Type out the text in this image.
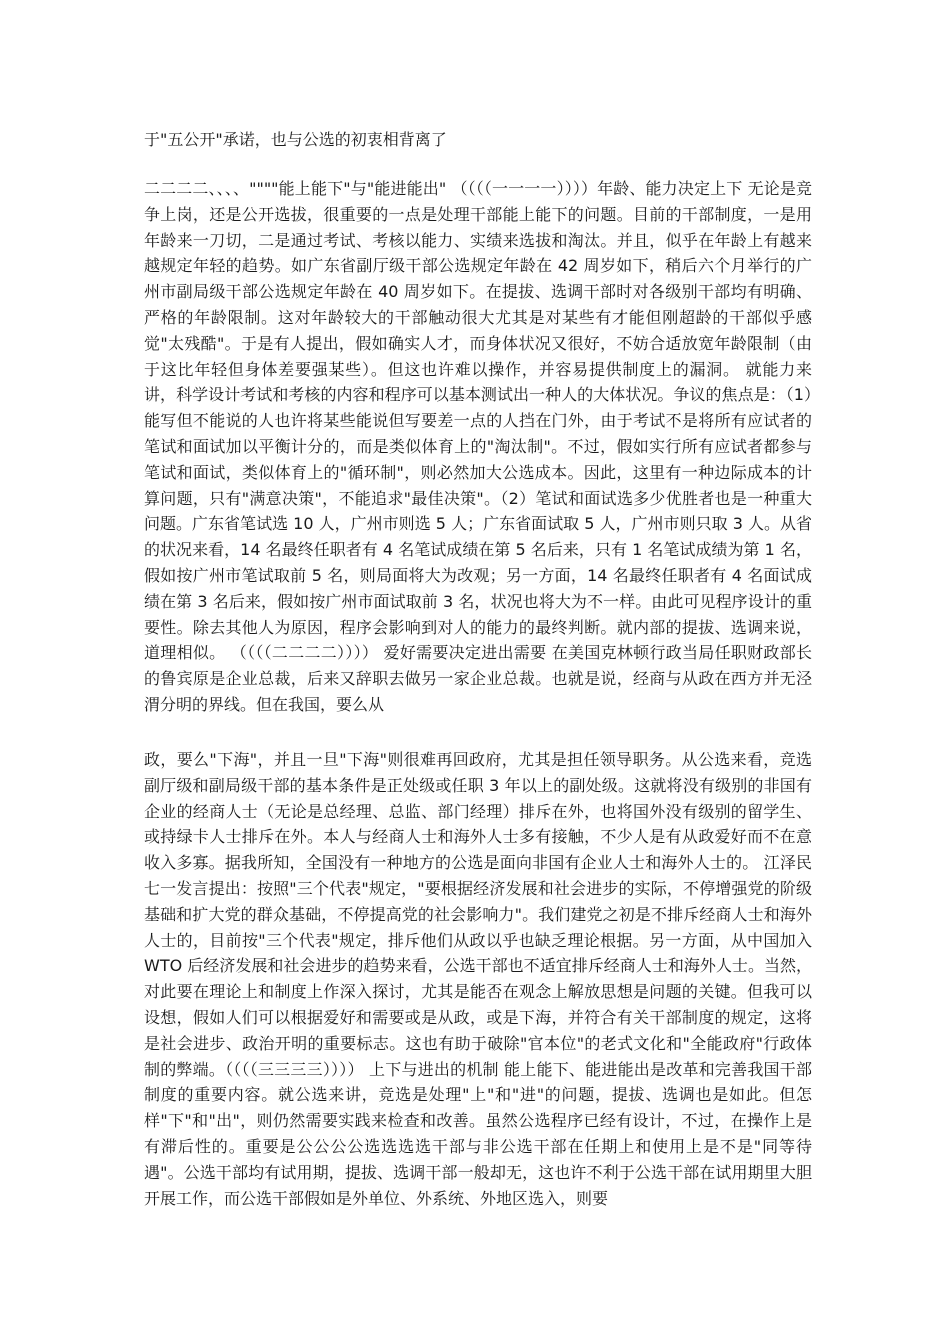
于"五公开"承诺，也与公选的初衷相背离了

二二二二、、、、""""能上能下"与"能进能出" （（（（一一一一））））年龄、能力决定上下 无论是竞争上岗，还是公开选拔，很重要的一点是处理干部能上能下的问题。目前的干部制度，一是用年龄来一刀切，二是通过考试、考核以能力、实绩来选拔和淘汰。并且，似乎在年龄上有越来越规定年轻的趋势。如广东省副厅级干部公选规定年龄在 42 周岁如下，稍后六个月举行的广州市副局级干部公选规定年龄在 40 周岁如下。在提拔、选调干部时对各级别干部均有明确、严格的年龄限制。这对年龄较大的干部触动很大尤其是对某些有才能但刚超龄的干部似乎感觉"太残酷"。于是有人提出，假如确实人才，而身体状况又很好，不妨合适放宽年龄限制（由于这比年轻但身体差要强某些）。但这也许难以操作，并容易提供制度上的漏洞。 就能力来讲，科学设计考试和考核的内容和程序可以基本测试出一种人的大体状况。争议的焦点是：（1）能写但不能说的人也许将某些能说但写要差一点的人挡在门外，由于考试不是将所有应试者的笔试和面试加以平衡计分的，而是类似体育上的"淘汰制"。不过，假如实行所有应试者都参与笔试和面试，类似体育上的"循环制"，则必然加大公选成本。因此，这里有一种边际成本的计算问题，只有"满意决策"，不能追求"最佳决策"。（2）笔试和面试选多少优胜者也是一种重大问题。广东省笔试选 10 人，广州市则选 5 人；广东省面试取 5 人，广州市则只取 3 人。从省的状况来看，14 名最终任职者有 4 名笔试成绩在第 5 名后来，只有 1 名笔试成绩为第 1 名，假如按广州市笔试取前 5 名，则局面将大为改观；另一方面，14 名最终任职者有 4 名面试成绩在第 3 名后来，假如按广州市面试取前 3 名，状况也将大为不一样。由此可见程序设计的重要性。除去其他人为原因，程序会影响到对人的能力的最终判断。就内部的提拔、选调来说，道理相似。 （（（（二二二二）））） 爱好需要决定进出需要 在美国克林顿行政当局任职财政部长的鲁宾原是企业总裁，后来又辞职去做另一家企业总裁。也就是说，经商与从政在西方并无泾渭分明的界线。但在我国，要么从

政，要么"下海"，并且一旦"下海"则很难再回政府，尤其是担任领导职务。从公选来看，竞选副厅级和副局级干部的基本条件是正处级或任职 3 年以上的副处级。这就将没有级别的非国有企业的经商人士（无论是总经理、总监、部门经理）排斥在外，也将国外没有级别的留学生、或持绿卡人士排斥在外。本人与经商人士和海外人士多有接触，不少人是有从政爱好而不在意收入多寡。据我所知，全国没有一种地方的公选是面向非国有企业人士和海外人士的。 江泽民七一发言提出：按照"三个代表"规定，"要根据经济发展和社会进步的实际，不停增强党的阶级基础和扩大党的群众基础，不停提高党的社会影响力"。我们建党之初是不排斥经商人士和海外人士的，目前按"三个代表"规定，排斥他们从政以乎也缺乏理论根据。另一方面，从中国加入 WTO 后经济发展和社会进步的趋势来看，公选干部也不适宜排斥经商人士和海外人士。当然，对此要在理论上和制度上作深入探讨，尤其是能否在观念上解放思想是问题的关键。但我可以设想，假如人们可以根据爱好和需要或是从政，或是下海，并符合有关干部制度的规定，这将是社会进步、政治开明的重要标志。这也有助于破除"官本位"的老式文化和"全能政府"行政体制的弊端。（（（（三三三三）））） 上下与进出的机制 能上能下、能进能出是改革和完善我国干部制度的重要内容。就公选来讲，竞选是处理"上"和"进"的问题，提拔、选调也是如此。但怎样"下"和"出"，则仍然需要实践来检查和改善。虽然公选程序已经有设计，不过，在操作上是有滞后性的。重要是公公公公选选选选干部与非公选干部在任期上和使用上是不是"同等待遇"。公选干部均有试用期，提拔、选调干部一般却无，这也许不利于公选干部在试用期里大胆开展工作，而公选干部假如是外单位、外系统、外地区选入，则要
